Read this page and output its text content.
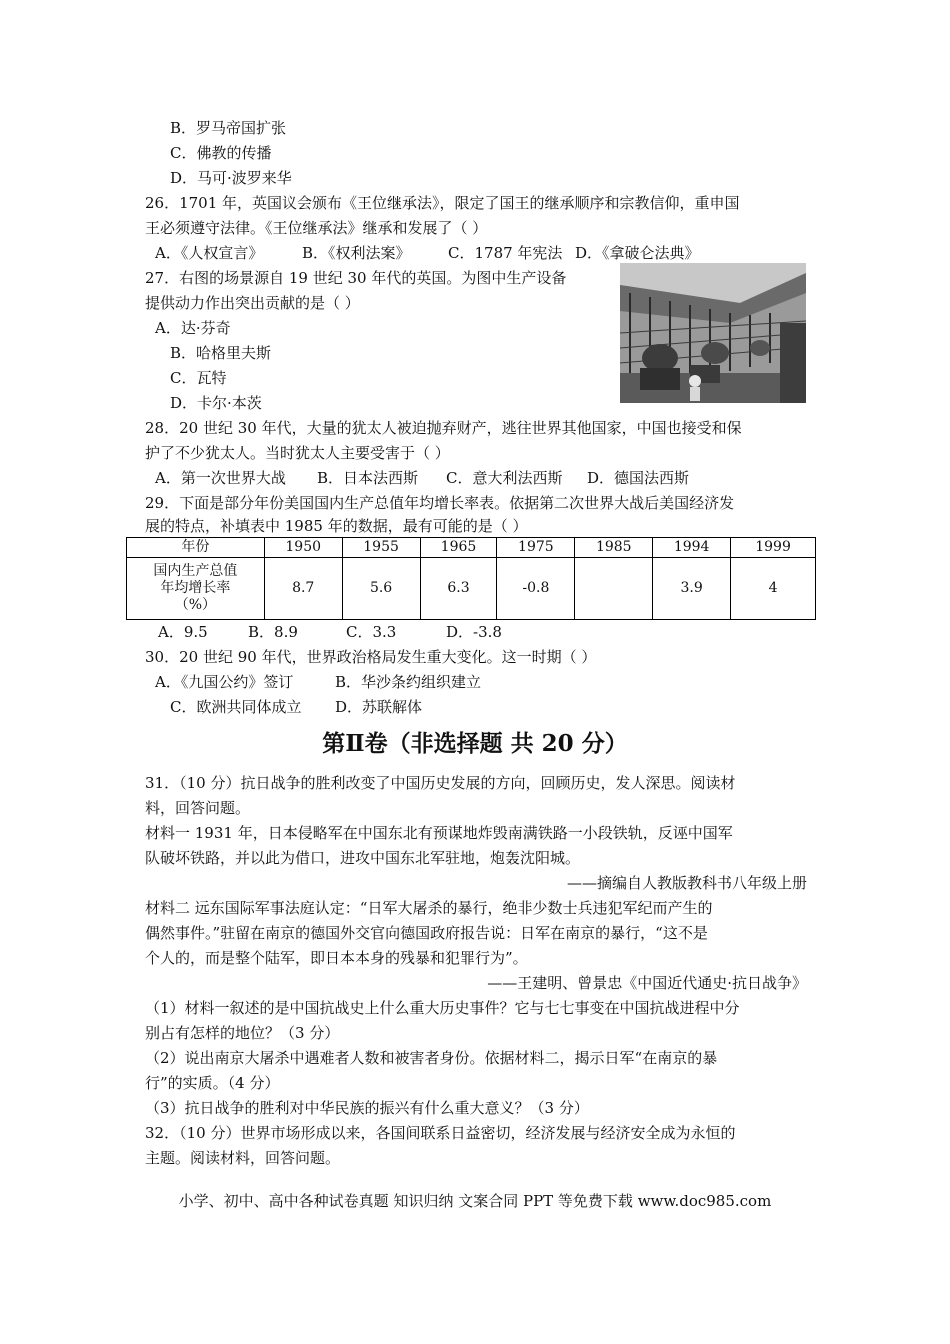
B．罗马帝国扩张
C．佛教的传播
D．马可·波罗来华
26．1701 年，英国议会颁布《王位继承法》，限定了国王的继承顺序和宗教信仰，重申国
王必须遵守法律。《王位继承法》继承和发展了（ ）
A．《人权宣言》	B．《权利法案》 C．1787 年宪法 D．《拿破仑法典》
27．右图的场景源自 19 世纪 30 年代的英国。为图中生产设备
提供动力作出突出贡献的是（ ）
A．达·芬奇
B．哈格里夫斯
C．瓦特
D．卡尔·本茨
28．20 世纪 30 年代，大量的犹太人被迫抛弃财产，逃往世界其他国家，中国也接受和保
护了不少犹太人。当时犹太人主要受害于（ ）
A．第一次世界大战 B．日本法西斯 C．意大利法西斯 D．德国法西斯
29．下面是部分年份美国国内生产总值年均增长率表。依据第二次世界大战后美国经济发
展的特点，补填表中 1985 年的数据，最有可能的是（ ）
年份	1950	1955	1965	1975	1985	1994	1999

国内生产总值
年均增长率
（%）	8.7	5.6	6.3	-0.8		3.9	4
A．9.5	B．8.9	C．3.3	D．-3.8
30．20 世纪 90 年代，世界政治格局发生重大变化。这一时期（ ）
A．《九国公约》签订	B．华沙条约组织建立
C．欧洲共同体成立 D．苏联解体
第Ⅱ卷（非选择题 共 20 分）
31．（10 分）抗日战争的胜利改变了中国历史发展的方向，回顾历史，发人深思。阅读材
料，回答问题。
材料一 1931 年，日本侵略军在中国东北有预谋地炸毁南满铁路一小段铁轨，反诬中国军
队破坏铁路，并以此为借口，进攻中国东北军驻地，炮轰沈阳城。
——摘编自人教版教科书八年级上册
材料二 远东国际军事法庭认定：“日军大屠杀的暴行，绝非少数士兵违犯军纪而产生的
偶然事件。”驻留在南京的德国外交官向德国政府报告说：日军在南京的暴行，“这不是
个人的，而是整个陆军，即日本本身的残暴和犯罪行为”。
——王建明、曾景忠《中国近代通史·抗日战争》
（1）材料一叙述的是中国抗战史上什么重大历史事件？它与七七事变在中国抗战进程中分
别占有怎样的地位？（3 分）
（2）说出南京大屠杀中遇难者人数和被害者身份。依据材料二，揭示日军“在南京的暴
行”的实质。（4 分）
（3）抗日战争的胜利对中华民族的振兴有什么重大意义？（3 分）
32．（10 分）世界市场形成以来，各国间联系日益密切，经济发展与经济安全成为永恒的
主题。阅读材料，回答问题。
小学、初中、高中各种试卷真题 知识归纳 文案合同 PPT 等免费下载 www.doc985.com
